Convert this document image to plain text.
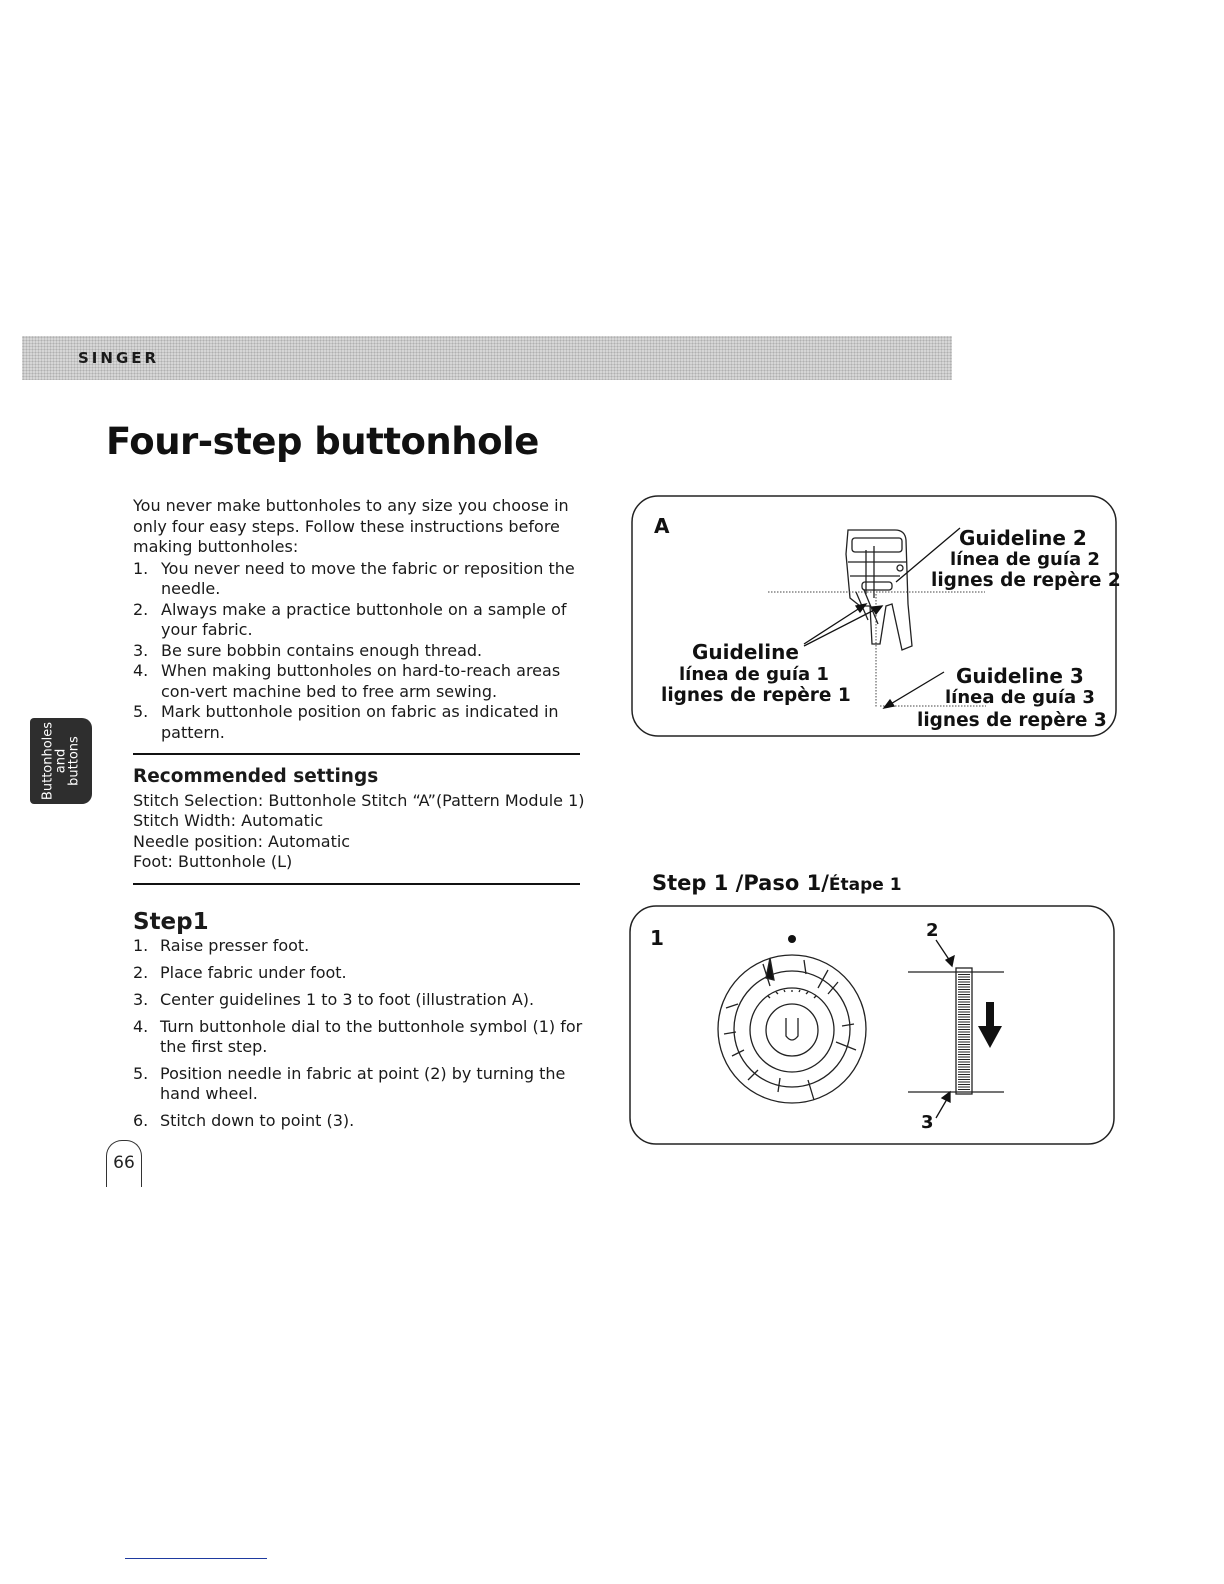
SINGER
Buttonholes
and
buttons
Four-step buttonhole

You never make buttonholes to any size you choose in only four easy steps. Follow these instructions before making buttonholes:

1. You never need to move the fabric or reposition the needle.
2. Always make a practice buttonhole on a sample of your fabric.
3. Be sure bobbin contains enough thread.
4. When making buttonholes on hard-to-reach areas con-vert machine bed to free arm sewing.
5. Mark buttonhole position on fabric as indicated in pattern.
Recommended settings
Stitch Selection: Buttonhole Stitch “A”(Pattern Module 1)
Stitch Width: Automatic
Needle position: Automatic
Foot: Buttonhole (L)
Step1
1. Raise presser foot.
2. Place fabric under foot.
3. Center guidelines 1 to 3 to foot (illustration A).
4. Turn buttonhole dial to the buttonhole symbol (1) for the first step.
5. Position needle in fabric at point (2) by turning the hand wheel.
6. Stitch down to point (3).
66
A	Guideline 2
línea de guía 2
lignes de repère 2
Guideline
línea de guía 1
lignes de repère 1
Guideline 3
línea de guía 3
lignes de repère 3
Step 1 /Paso 1/Étape 1
1	2
3
